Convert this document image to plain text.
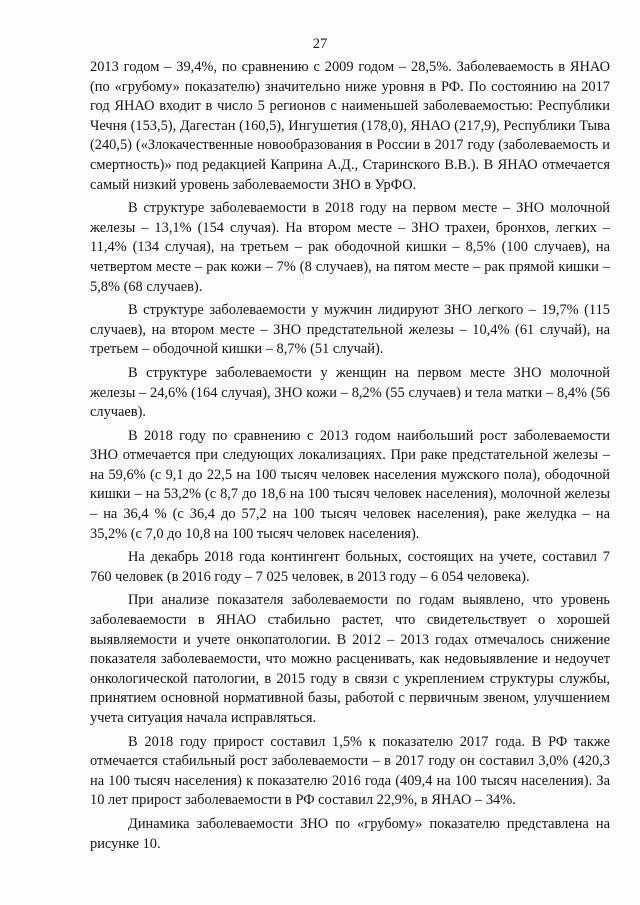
27

2013 годом – 39,4%, по сравнению с 2009 годом – 28,5%. Заболеваемость в ЯНАО (по «грубому» показателю) значительно ниже уровня в РФ. По состоянию на 2017 год ЯНАО входит в число 5 регионов с наименьшей заболеваемостью: Республики Чечня (153,5), Дагестан (160,5), Ингушетия (178,0), ЯНАО (217,9), Республики Тыва (240,5) («Злокачественные новообразования в России в 2017 году (заболеваемость и смертность)» под редакцией Каприна А.Д., Старинского В.В.). В ЯНАО отмечается самый низкий уровень заболеваемости ЗНО в УрФО.

В структуре заболеваемости в 2018 году на первом месте – ЗНО молочной железы – 13,1% (154 случая). На втором месте – ЗНО трахеи, бронхов, легких – 11,4% (134 случая), на третьем – рак ободочной кишки – 8,5% (100 случаев), на четвертом месте – рак кожи – 7% (8 случаев), на пятом месте – рак прямой кишки – 5,8% (68 случаев).

В структуре заболеваемости у мужчин лидируют ЗНО легкого – 19,7% (115 случаев), на втором месте – ЗНО предстательной железы – 10,4% (61 случай), на третьем – ободочной кишки – 8,7% (51 случай).

В структуре заболеваемости у женщин на первом месте ЗНО молочной железы – 24,6% (164 случая), ЗНО кожи – 8,2% (55 случаев) и тела матки – 8,4% (56 случаев).

В 2018 году по сравнению с 2013 годом наибольший рост заболеваемости ЗНО отмечается при следующих локализациях. При раке предстательной железы – на 59,6% (с 9,1 до 22,5 на 100 тысяч человек населения мужского пола), ободочной кишки – на 53,2% (с 8,7 до 18,6 на 100 тысяч человек населения), молочной железы – на 36,4 % (с 36,4 до 57,2 на 100 тысяч человек населения), раке желудка – на 35,2% (с 7,0 до 10,8 на 100 тысяч человек населения).

На декабрь 2018 года контингент больных, состоящих на учете, составил 7 760 человек (в 2016 году – 7 025 человек, в 2013 году – 6 054 человека).

При анализе показателя заболеваемости по годам выявлено, что уровень заболеваемости в ЯНАО стабильно растет, что свидетельствует о хорошей выявляемости и учете онкопатологии. В 2012 – 2013 годах отмечалось снижение показателя заболеваемости, что можно расценивать, как недовыявление и недоучет онкологической патологии, в 2015 году в связи с укреплением структуры службы, принятием основной нормативной базы, работой с первичным звеном, улучшением учета ситуация начала исправляться.

В 2018 году прирост составил 1,5% к показателю 2017 года. В РФ также отмечается стабильный рост заболеваемости – в 2017 году он составил 3,0% (420,3 на 100 тысяч населения) к показателю 2016 года (409,4 на 100 тысяч населения). За 10 лет прирост заболеваемости в РФ составил 22,9%, в ЯНАО – 34%.

Динамика заболеваемости ЗНО по «грубому» показателю представлена на рисунке 10.
